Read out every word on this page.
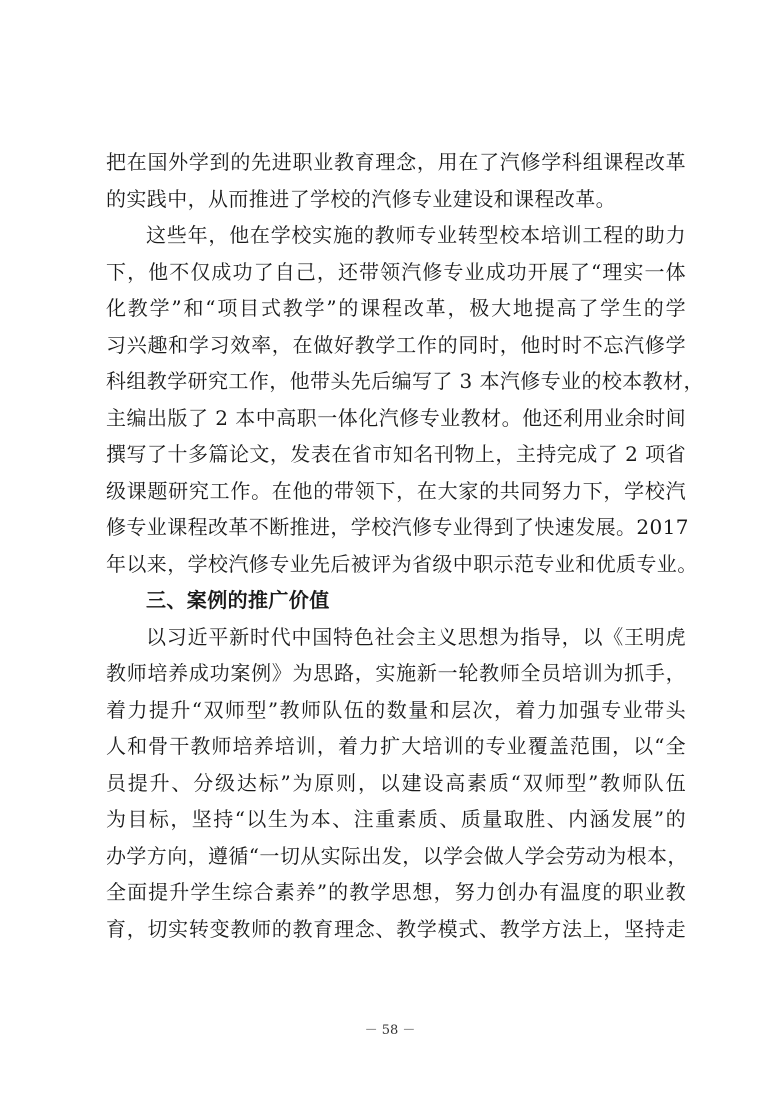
把在国外学到的先进职业教育理念，用在了汽修学科组课程改革
的实践中，从而推进了学校的汽修专业建设和课程改革。
这些年，他在学校实施的教师专业转型校本培训工程的助力
下，他不仅成功了自己，还带领汽修专业成功开展了“理实一体
化教学”和“项目式教学”的课程改革，极大地提高了学生的学
习兴趣和学习效率，在做好教学工作的同时，他时时不忘汽修学
科组教学研究工作，他带头先后编写了 3 本汽修专业的校本教材，
主编出版了 2 本中高职一体化汽修专业教材。他还利用业余时间
撰写了十多篇论文，发表在省市知名刊物上，主持完成了 2 项省
级课题研究工作。在他的带领下，在大家的共同努力下，学校汽
修专业课程改革不断推进，学校汽修专业得到了快速发展。2017
年以来，学校汽修专业先后被评为省级中职示范专业和优质专业。
三、案例的推广价值
以习近平新时代中国特色社会主义思想为指导，以《王明虎
教师培养成功案例》为思路，实施新一轮教师全员培训为抓手，
着力提升“双师型”教师队伍的数量和层次，着力加强专业带头
人和骨干教师培养培训，着力扩大培训的专业覆盖范围，以“全
员提升、分级达标”为原则，以建设高素质“双师型”教师队伍
为目标，坚持“以生为本、注重素质、质量取胜、内涵发展”的
办学方向，遵循“一切从实际出发，以学会做人学会劳动为根本，
全面提升学生综合素养”的教学思想，努力创办有温度的职业教
育，切实转变教师的教育理念、教学模式、教学方法上，坚持走
－ 58 －
